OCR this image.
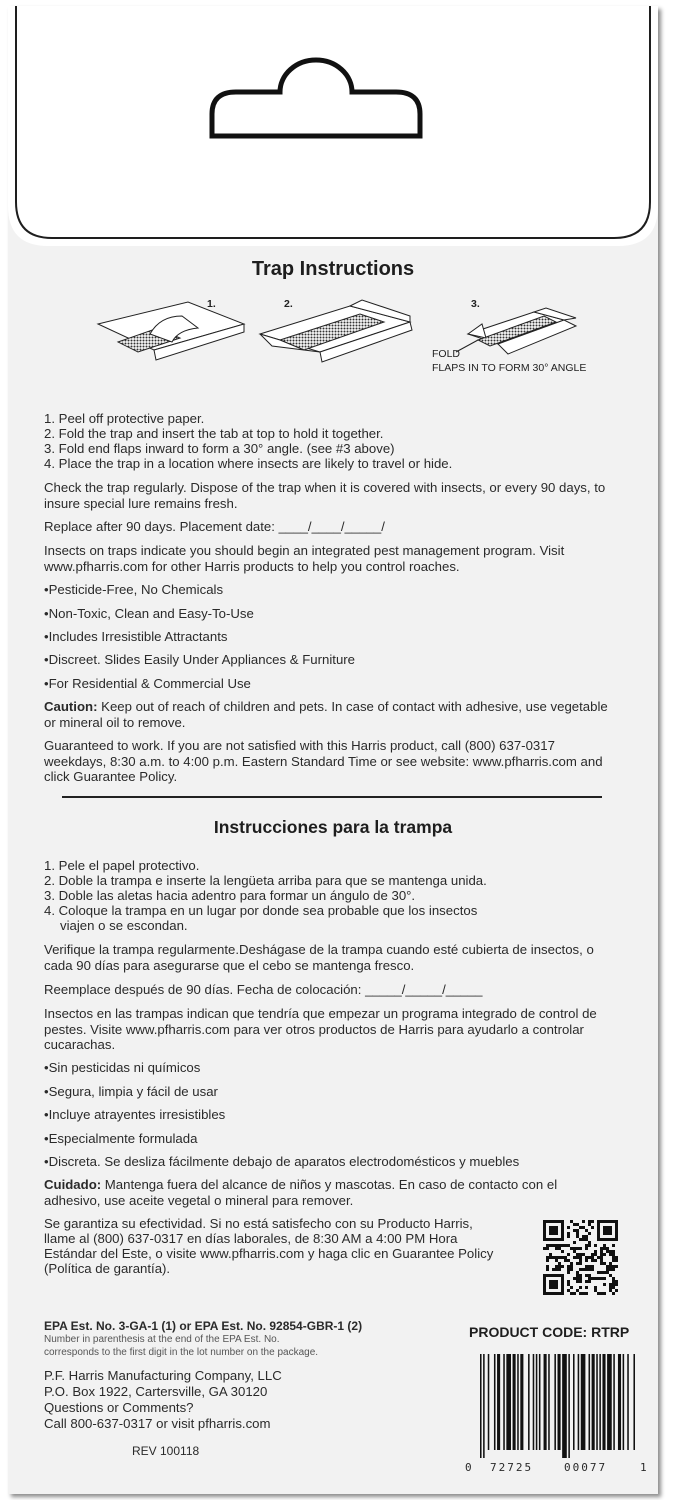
Trap Instructions
1.	2.	3.
FOLD
FLAPS IN TO FORM 30° ANGLE
1. Peel off protective paper.
2. Fold the trap and insert the tab at top to hold it together.
3. Fold end flaps inward to form a 30° angle. (see #3 above)
4. Place the trap in a location where insects are likely to travel or hide.
Check the trap regularly. Dispose of the trap when it is covered with insects, or every 90 days, to insure special lure remains fresh.
Replace after 90 days. Placement date: ____/____/_____/
Insects on traps indicate you should begin an integrated pest management program. Visit www.pfharris.com for other Harris products to help you control roaches.
• Pesticide-Free, No Chemicals
• Non-Toxic, Clean and Easy-To-Use
• Includes Irresistible Attractants
• Discreet. Slides Easily Under Appliances & Furniture
• For Residential & Commercial Use
Caution: Keep out of reach of children and pets. In case of contact with adhesive, use vegetable or mineral oil to remove.
Guaranteed to work. If you are not satisfied with this Harris product, call (800) 637-0317 weekdays, 8:30 a.m. to 4:00 p.m. Eastern Standard Time or see website: www.pfharris.com and click Guarantee Policy.
Instrucciones para la trampa
1. Pele el papel protectivo.
2. Doble la trampa e inserte la lengüeta arriba para que se mantenga unida.
3. Doble las aletas hacia adentro para formar un ángulo de 30°.
4. Coloque la trampa en un lugar por donde sea probable que los insectos
viajen o se escondan.
Verifique la trampa regularmente.Deshágase de la trampa cuando esté cubierta de insectos, o cada 90 días para asegurarse que el cebo se mantenga fresco.
Reemplace después de 90 días. Fecha de colocación: _____/_____/_____
Insectos en las trampas indican que tendría que empezar un programa integrado de control de pestes. Visite www.pfharris.com para ver otros productos de Harris para ayudarlo a controlar cucarachas.
• Sin pesticidas ni químicos
• Segura, limpia y fácil de usar
• Incluye atrayentes irresistibles
• Especialmente formulada
• Discreta. Se desliza fácilmente debajo de aparatos electrodomésticos y muebles
Cuidado: Mantenga fuera del alcance de niños y mascotas. En caso de contacto con el adhesivo, use aceite vegetal o mineral para remover.
Se garantiza su efectividad. Si no está satisfecho con su Producto Harris,
llame al (800) 637-0317 en días laborales, de 8:30 AM a 4:00 PM Hora
Estándar del Este, o visite www.pfharris.com y haga clic en Guarantee Policy
(Política de garantía).
EPA Est. No. 3-GA-1 (1) or EPA Est. No. 92854-GBR-1 (2)
Number in parenthesis at the end of the EPA Est. No.
corresponds to the first digit in the lot number on the package.
P.F. Harris Manufacturing Company, LLC
P.O. Box 1922, Cartersville, GA 30120
Questions or Comments?
Call 800-637-0317 or visit pfharris.com
REV 100118
PRODUCT CODE: RTRP
0 72725	00077	1
